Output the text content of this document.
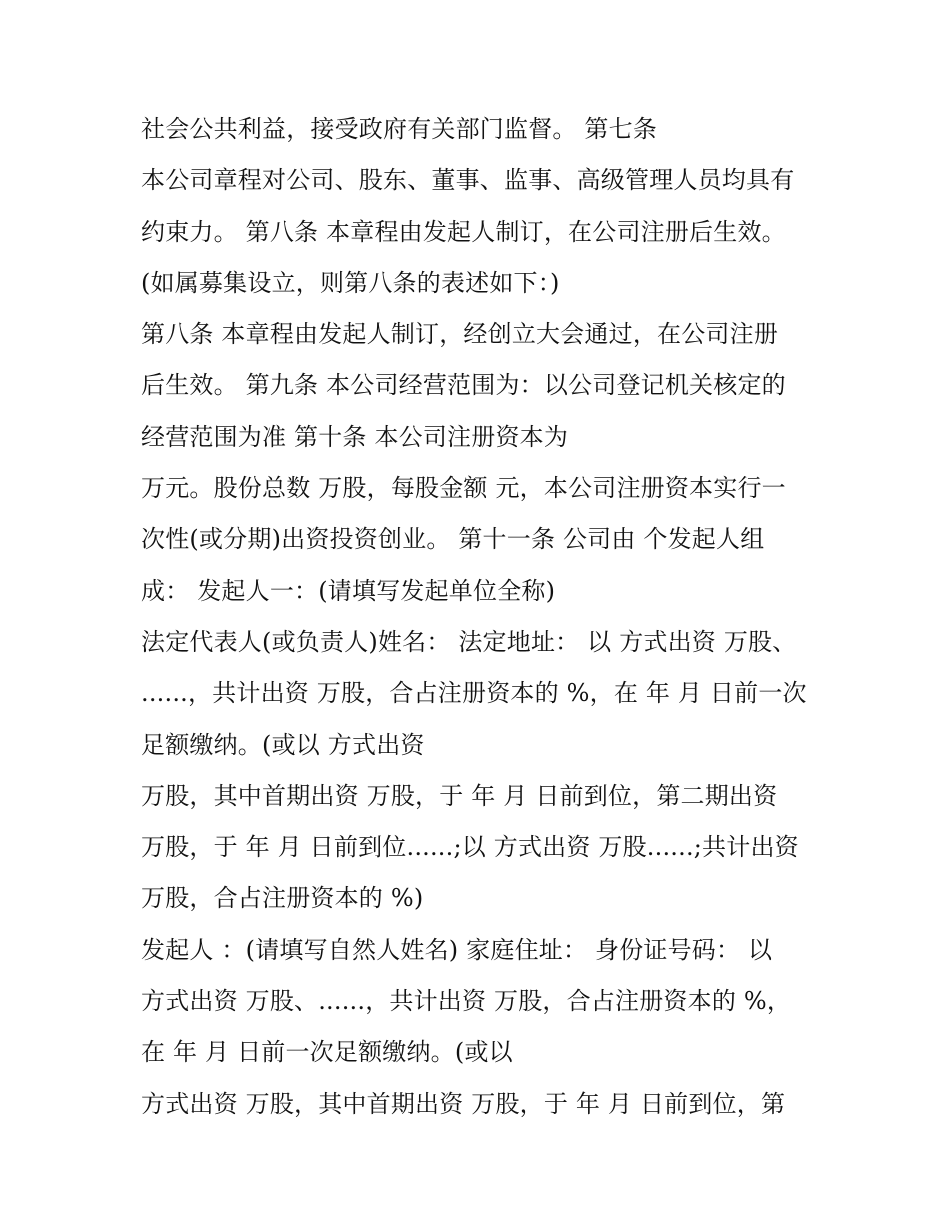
社会公共利益，接受政府有关部门监督。 第七条
本公司章程对公司、股东、董事、监事、高级管理人员均具有
约束力。 第八条 本章程由发起人制订，在公司注册后生效。
(如属募集设立，则第八条的表述如下：)
第八条 本章程由发起人制订，经创立大会通过，在公司注册
后生效。 第九条 本公司经营范围为：以公司登记机关核定的
经营范围为准 第十条 本公司注册资本为
万元。股份总数 万股，每股金额 元，本公司注册资本实行一
次性(或分期)出资投资创业。 第十一条 公司由 个发起人组
成： 发起人一：(请填写发起单位全称)
法定代表人(或负责人)姓名： 法定地址： 以 方式出资 万股、
......，共计出资 万股，合占注册资本的 %，在 年 月 日前一次
足额缴纳。(或以 方式出资
万股，其中首期出资 万股，于 年 月 日前到位，第二期出资
万股，于 年 月 日前到位......;以 方式出资 万股......;共计出资
万股，合占注册资本的 %)
发起人 ：(请填写自然人姓名) 家庭住址： 身份证号码： 以
方式出资 万股、......，共计出资 万股，合占注册资本的 %，
在 年 月 日前一次足额缴纳。(或以
方式出资 万股，其中首期出资 万股，于 年 月 日前到位，第
